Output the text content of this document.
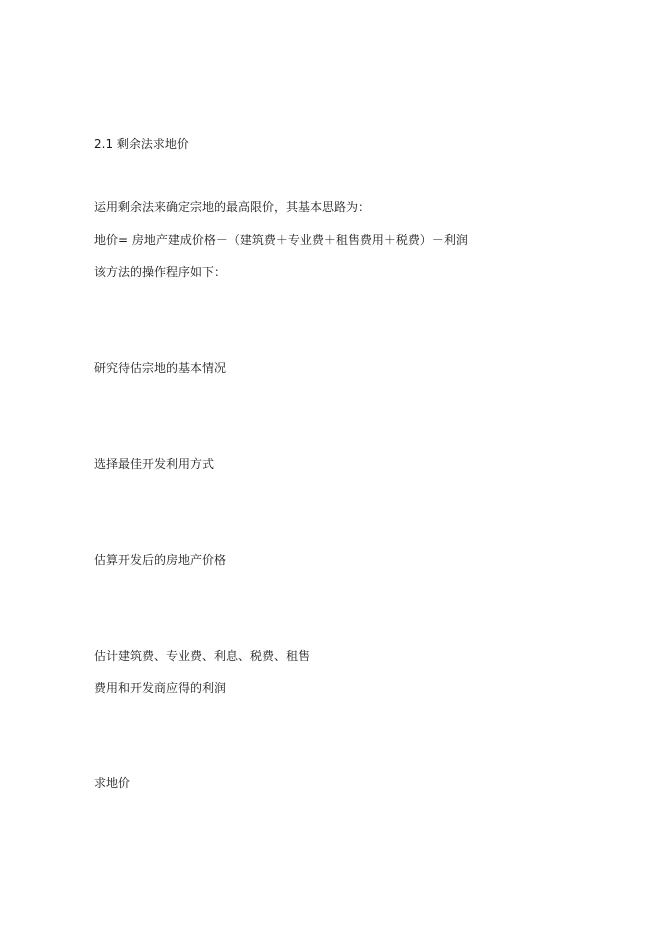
2.1 剩余法求地价
运用剩余法来确定宗地的最高限价，其基本思路为：
地价= 房地产建成价格－（建筑费＋专业费＋租售费用＋税费）－利润
该方法的操作程序如下：
研究待估宗地的基本情况
选择最佳开发利用方式
估算开发后的房地产价格
估计建筑费、专业费、利息、税费、租售
费用和开发商应得的利润
求地价
